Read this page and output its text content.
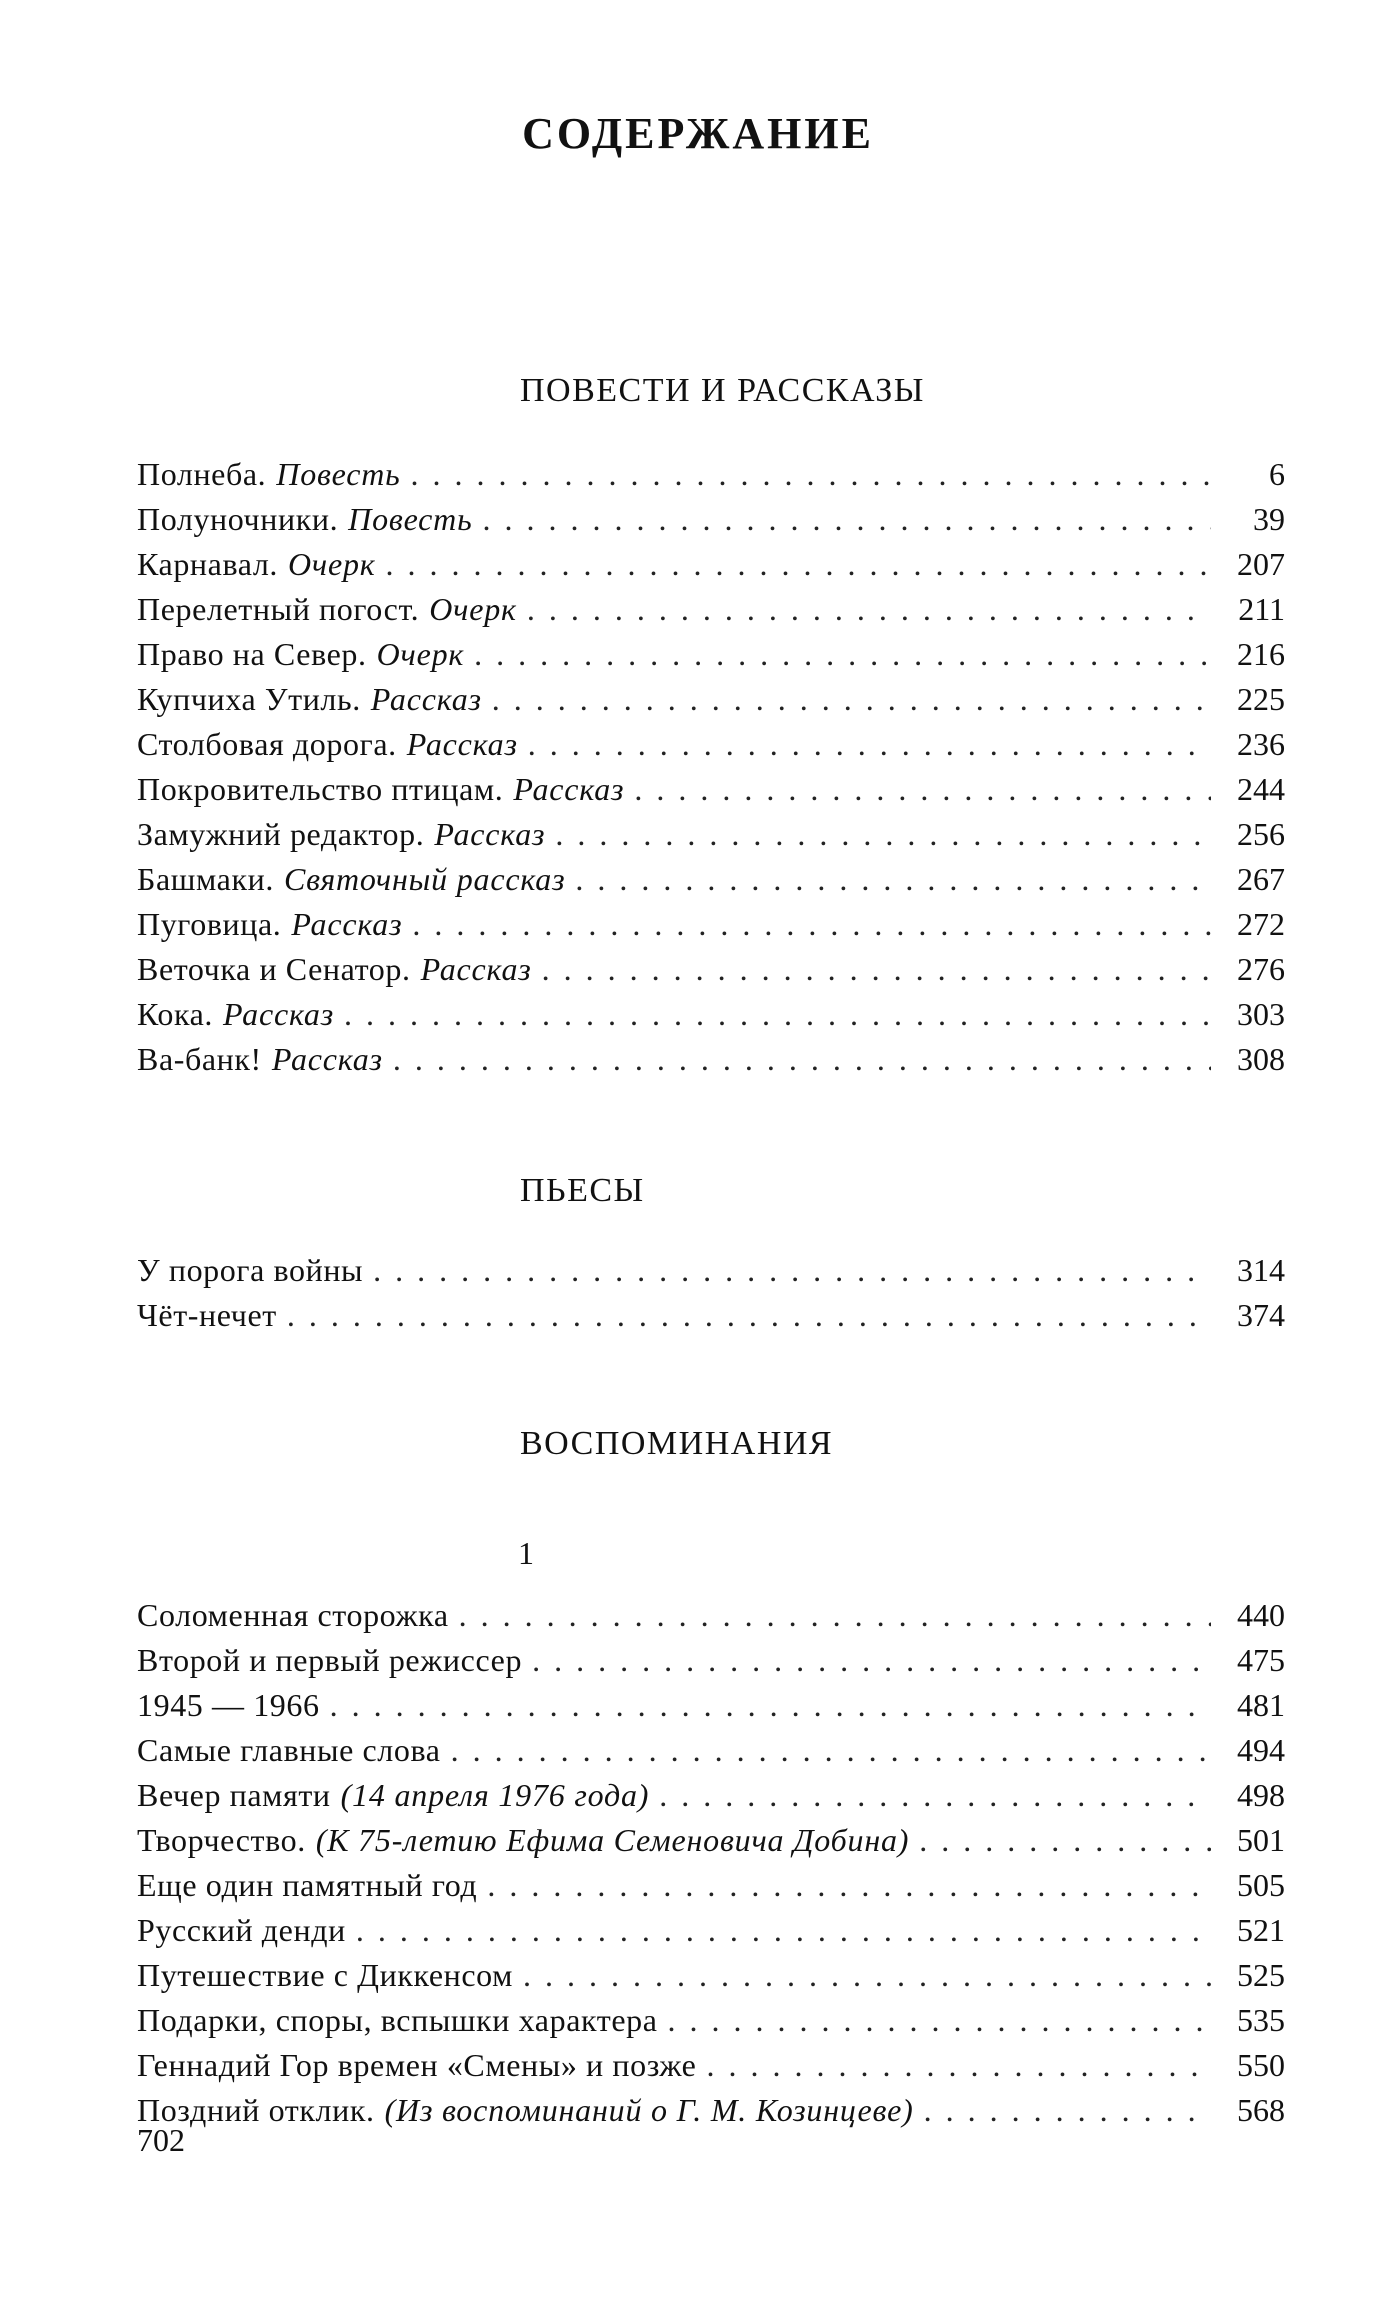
СОДЕРЖАНИЕ
ПОВЕСТИ И РАССКАЗЫ
Полнеба. Повесть . . .	6
Полуночники. Повесть . . .	39
Карнавал. Очерк . . .	207
Перелетный погост. Очерк . . .	211
Право на Север. Очерк . . .	216
Купчиха Утиль. Рассказ . . .	225
Столбовая дорога. Рассказ . . .	236
Покровительство птицам. Рассказ . . .	244
Замужний редактор. Рассказ . . .	256
Башмаки. Святочный рассказ . . .	267
Пуговица. Рассказ . . .	272
Веточка и Сенатор. Рассказ . . .	276
Кока. Рассказ . . .	303
Ва-банк! Рассказ . . .	308
ПЬЕСЫ
У порога войны . . .	314
Чёт-нечет . . .	374
ВОСПОМИНАНИЯ
1
Соломенная сторожка . . .	440
Второй и первый режиссер . . .	475
1945 — 1966 . . .	481
Самые главные слова . . .	494
Вечер памяти (14 апреля 1976 года) . . .	498
Творчество. (К 75-летию Ефима Семеновича Добина) . . .	501
Еще один памятный год . . .	505
Русский денди . . .	521
Путешествие с Диккенсом . . .	525
Подарки, споры, вспышки характера . . .	535
Геннадий Гор времен «Смены» и позже . . .	550
Поздний отклик. (Из воспоминаний о Г. М. Козинцеве) . . .	568
702
